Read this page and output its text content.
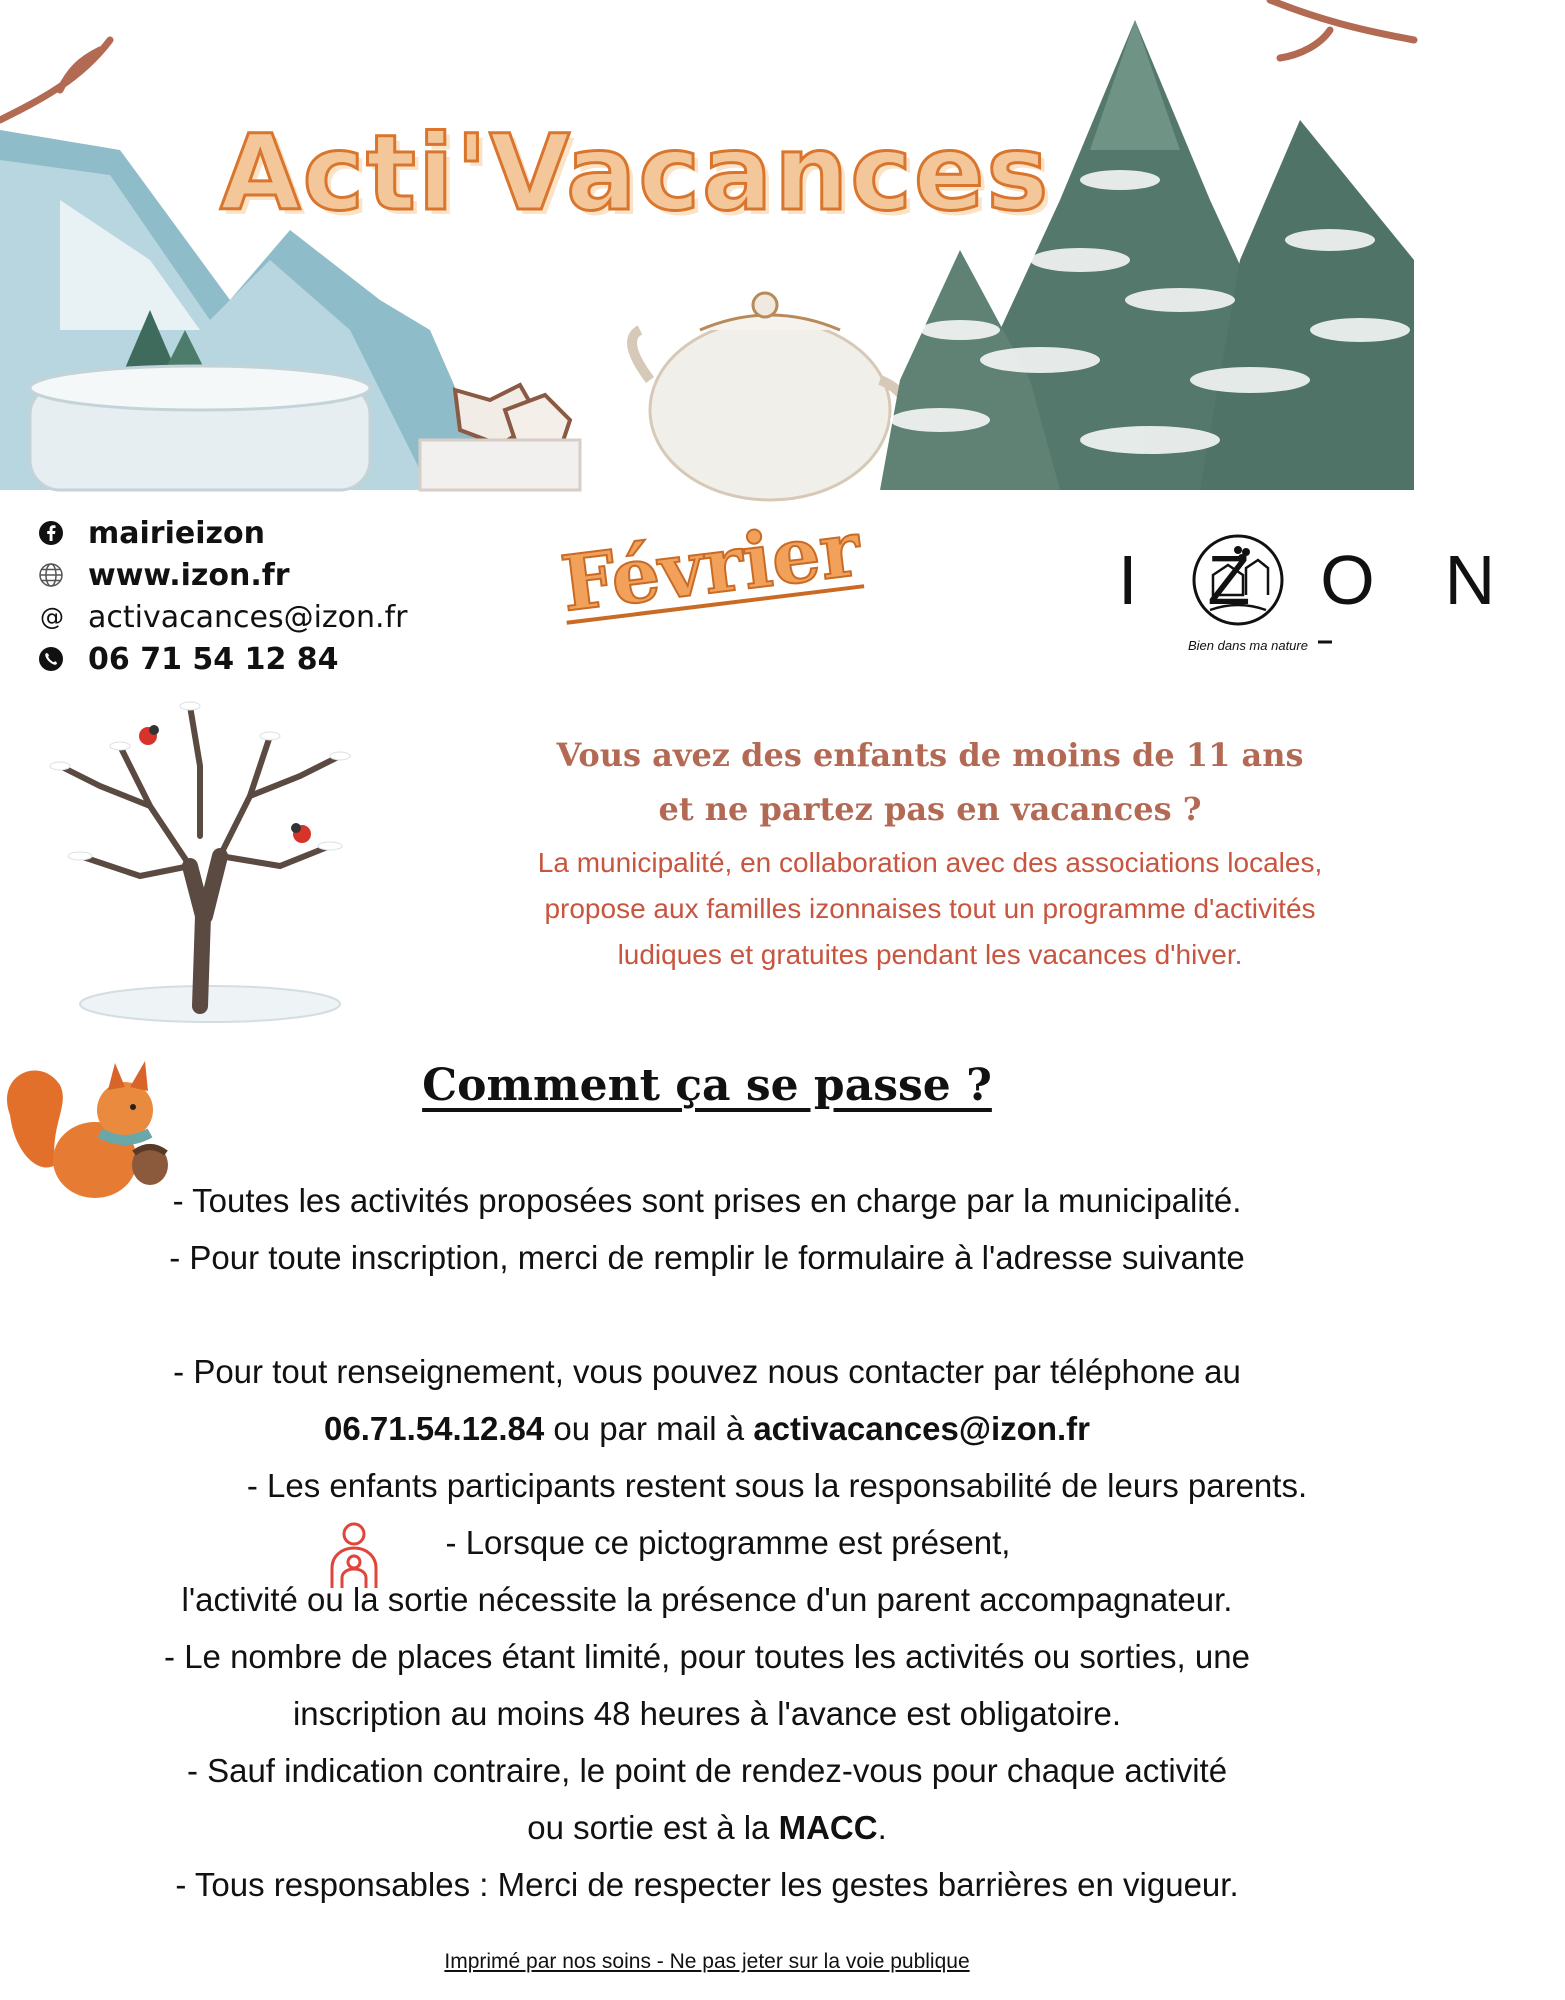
Acti'Vacances
mairieizon
www.izon.fr
@ activacances@izon.fr
06 71 54 12 84
Février	IZON
Bien dans ma nature
Vous avez des enfants de moins de 11 ans
et ne partez pas en vacances ?
La municipalité, en collaboration avec des associations locales,
propose aux familles izonnaises tout un programme d'activités
ludiques et gratuites pendant les vacances d'hiver.
Comment ça se passe ?

- Toutes les activités proposées sont prises en charge par la municipalité.

- Pour toute inscription, merci de remplir le formulaire à l'adresse suivante

- Pour tout renseignement, vous pouvez nous contacter par téléphone au

06.71.54.12.84 ou par mail à activacances@izon.fr

- Les enfants participants restent sous la responsabilité de leurs parents.

- Lorsque ce pictogramme est présent,

l'activité ou la sortie nécessite la présence d'un parent accompagnateur.

- Le nombre de places étant limité, pour toutes les activités ou sorties, une

inscription au moins 48 heures à l'avance est obligatoire.

- Sauf indication contraire, le point de rendez-vous pour chaque activité

ou sortie est à la MACC.

- Tous responsables : Merci de respecter les gestes barrières en vigueur.

Imprimé par nos soins - Ne pas jeter sur la voie publique
